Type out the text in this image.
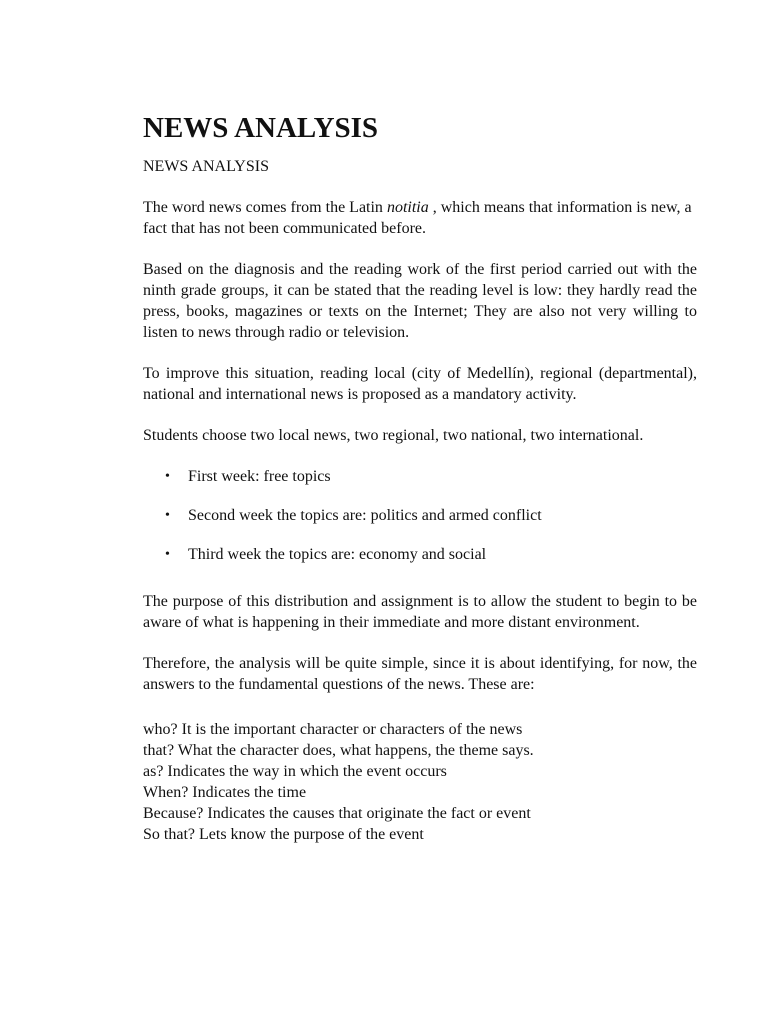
NEWS ANALYSIS
NEWS ANALYSIS

The word news comes from the Latin notitia , which means that information is new, a fact that has not been communicated before.

Based on the diagnosis and the reading work of the first period carried out with the ninth grade groups, it can be stated that the reading level is low: they hardly read the press, books, magazines or texts on the Internet; They are also not very willing to listen to news through radio or television.

To improve this situation, reading local (city of Medellín), regional (departmental), national and international news is proposed as a mandatory activity.

Students choose two local news, two regional, two national, two international.

• First week: free topics
• Second week the topics are: politics and armed conflict
• Third week the topics are: economy and social

The purpose of this distribution and assignment is to allow the student to begin to be aware of what is happening in their immediate and more distant environment.

Therefore, the analysis will be quite simple, since it is about identifying, for now, the answers to the fundamental questions of the news. These are:

who? It is the important character or characters of the news
that? What the character does, what happens, the theme says.
as? Indicates the way in which the event occurs
When? Indicates the time
Because? Indicates the causes that originate the fact or event
So that? Lets know the purpose of the event
